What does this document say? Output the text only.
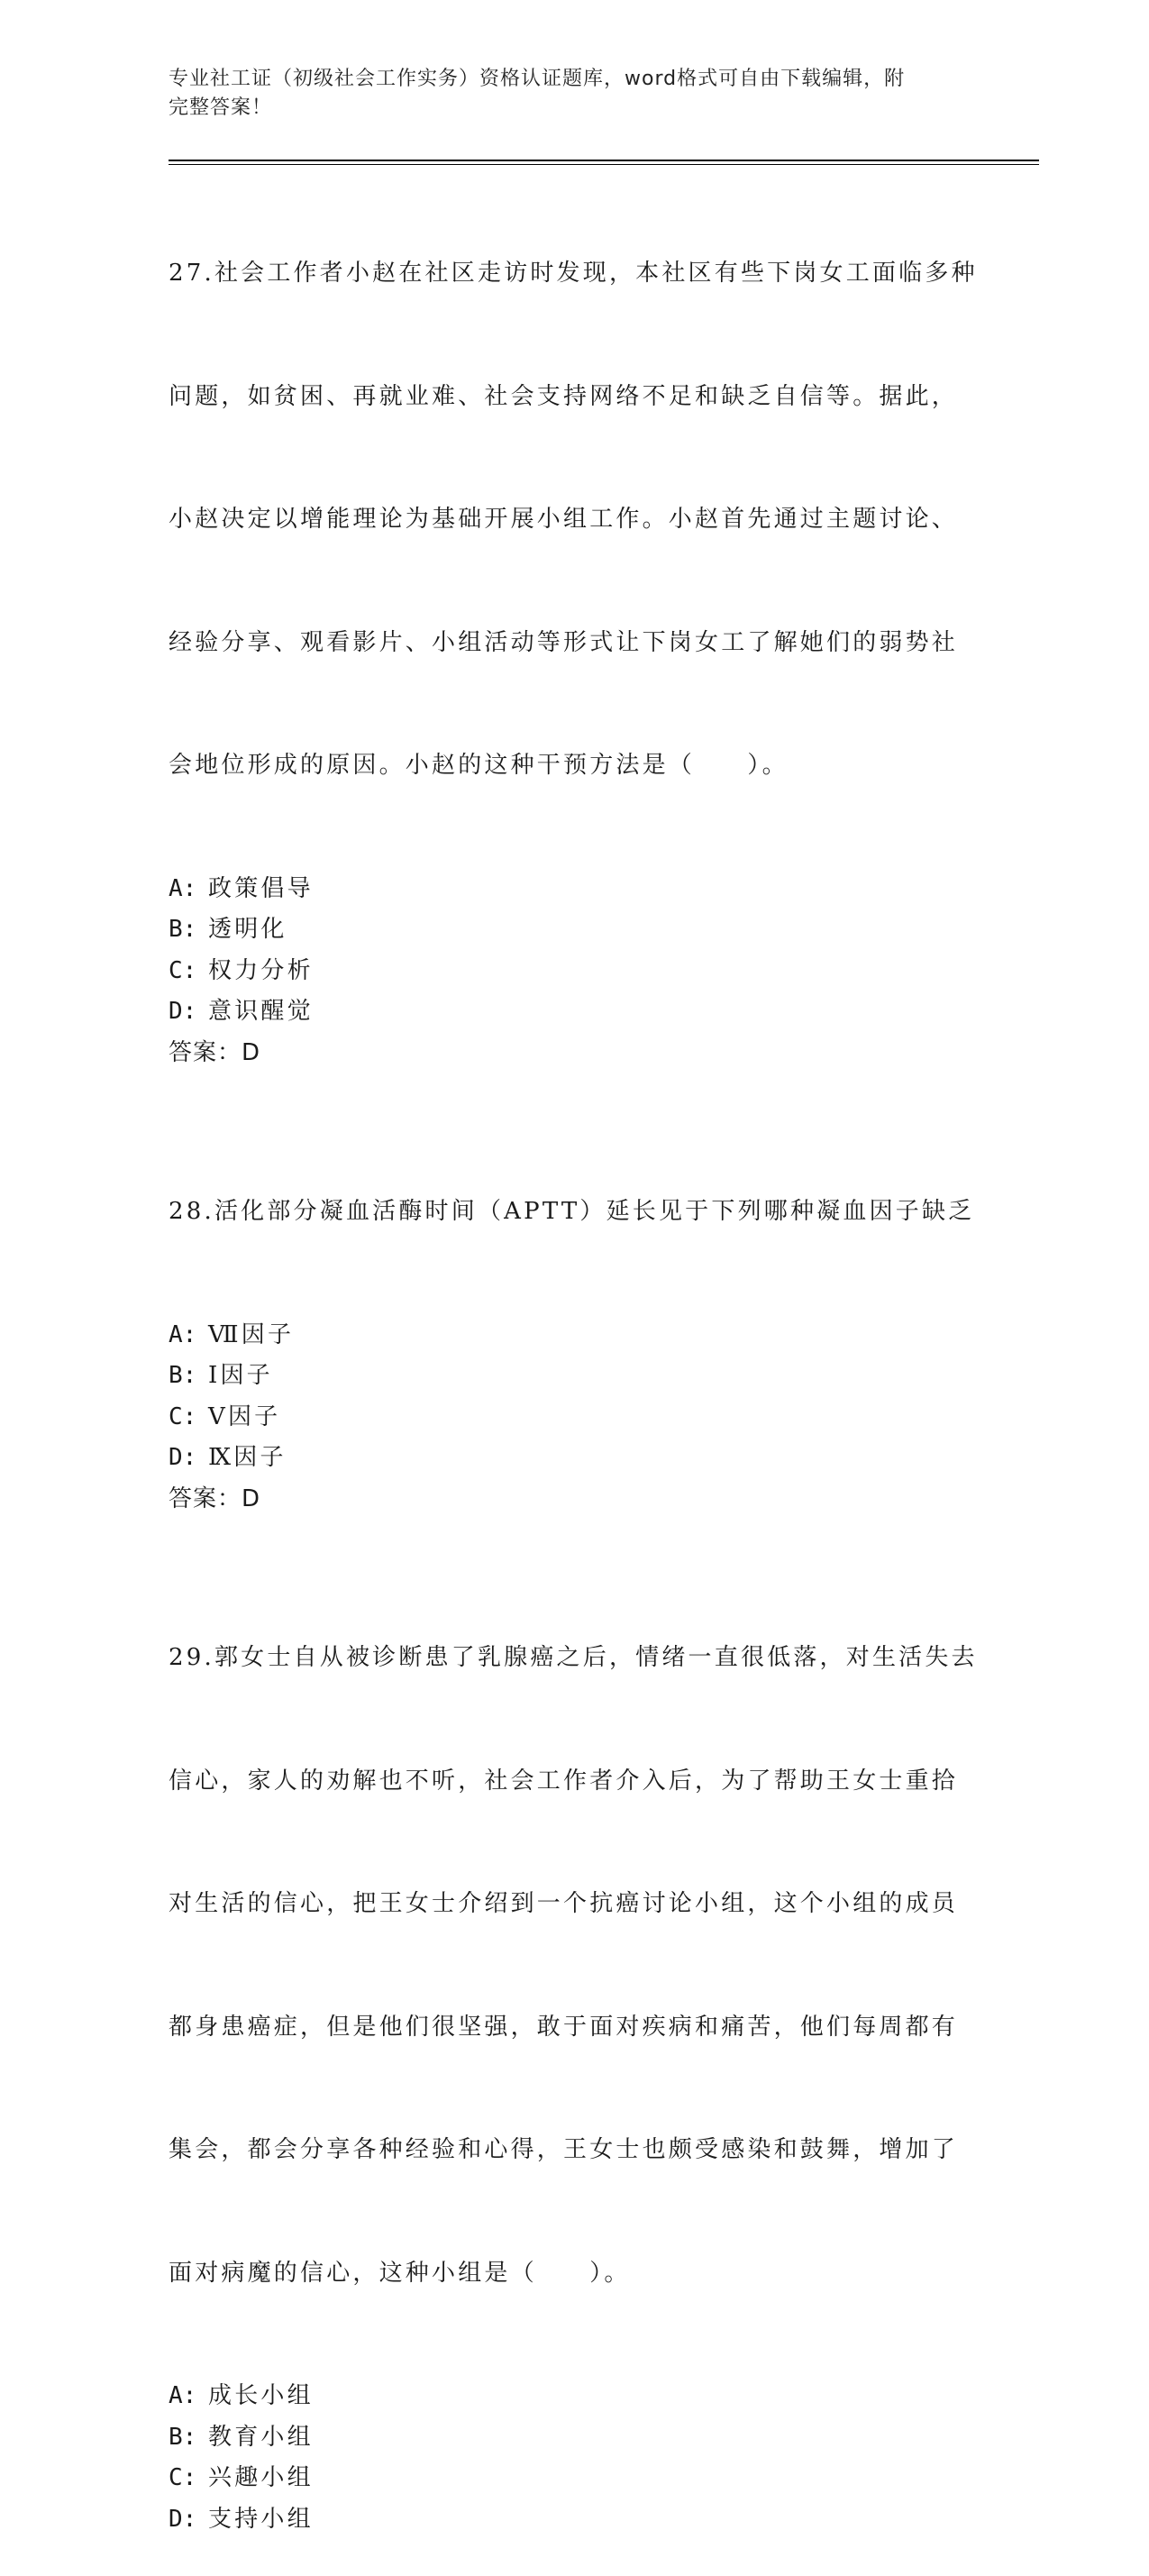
专业社工证（初级社会工作实务）资格认证题库，word格式可自由下载编辑，附
完整答案！

27.社会工作者小赵在社区走访时发现，本社区有些下岗女工面临多种

问题，如贫困、再就业难、社会支持网络不足和缺乏自信等。据此，

小赵决定以增能理论为基础开展小组工作。小赵首先通过主题讨论、

经验分享、观看影片、小组活动等形式让下岗女工了解她们的弱势社

会地位形成的原因。小赵的这种干预方法是（　　）。

A: 政策倡导
B: 透明化
C: 权力分析
D: 意识醒觉
答案：D

28.活化部分凝血活酶时间（APTT）延长见于下列哪种凝血因子缺乏

A: Ⅶ因子
B: Ⅰ因子
C: Ⅴ因子
D: Ⅸ因子
答案：D

29.郭女士自从被诊断患了乳腺癌之后，情绪一直很低落，对生活失去

信心，家人的劝解也不听，社会工作者介入后，为了帮助王女士重拾

对生活的信心，把王女士介绍到一个抗癌讨论小组，这个小组的成员

都身患癌症，但是他们很坚强，敢于面对疾病和痛苦，他们每周都有

集会，都会分享各种经验和心得，王女士也颇受感染和鼓舞，增加了

面对病魔的信心，这种小组是（　　）。

A: 成长小组
B: 教育小组
C: 兴趣小组
D: 支持小组
